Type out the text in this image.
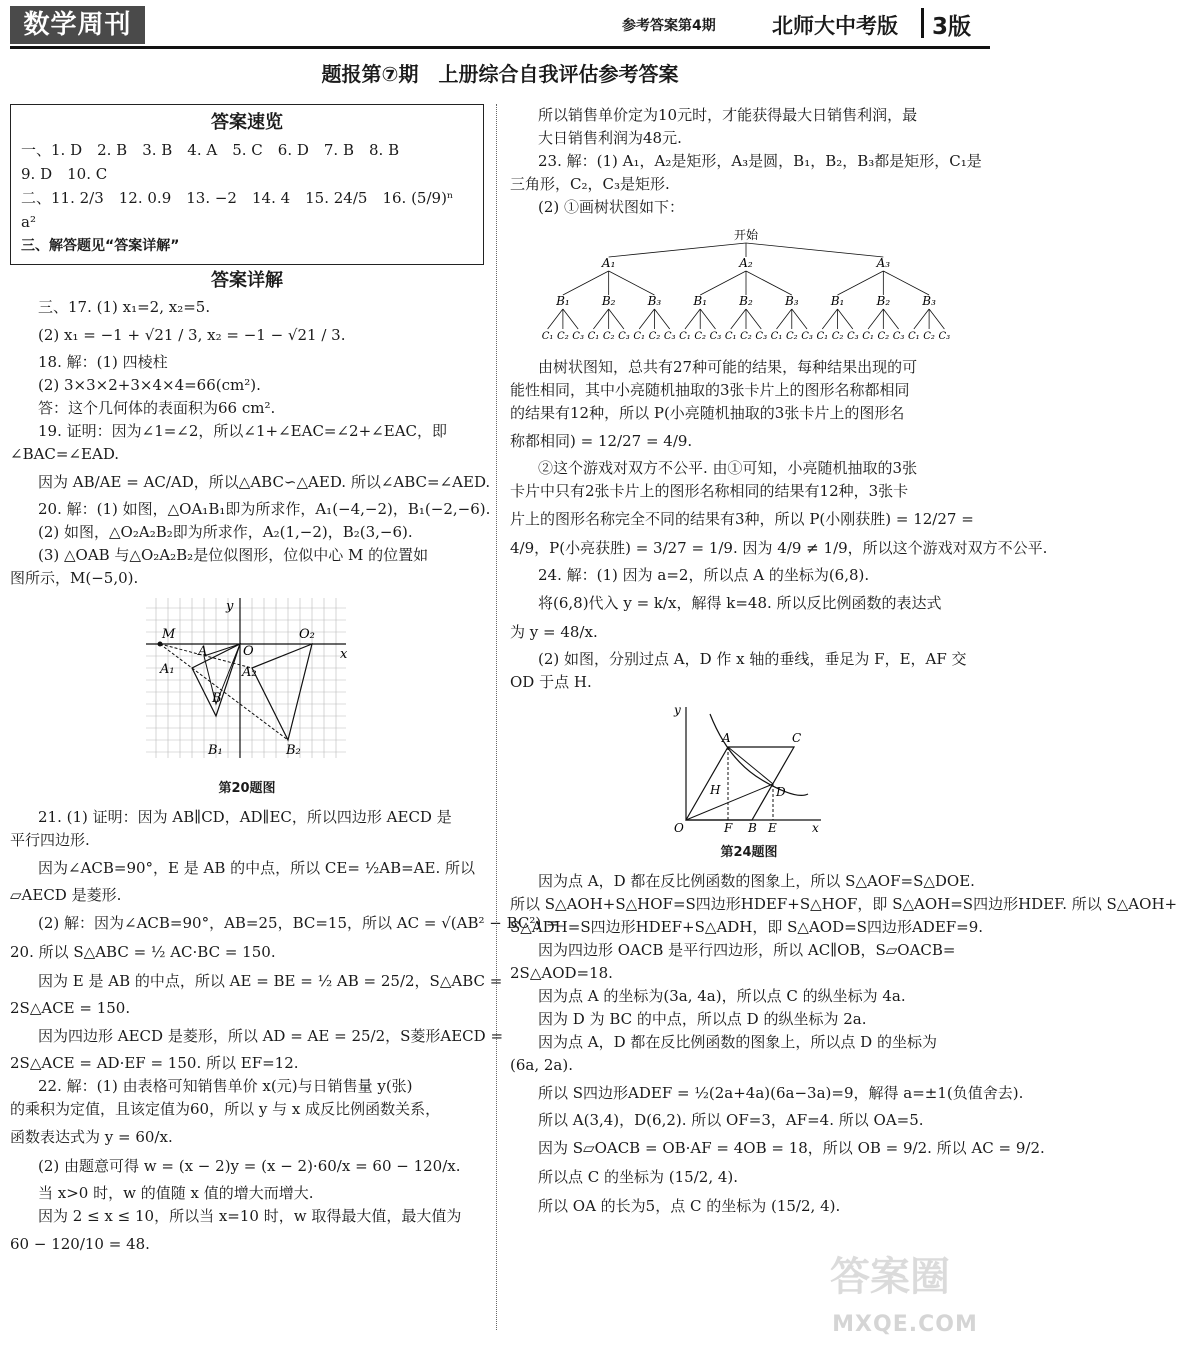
数学周刊	参考答案第4期	北师大中考版 3版
题报第⑦期　上册综合自我评估参考答案
答案速览
一、1. D　2. B　3. B　4. A　5. C　6. D　7. B　8. B
9. D　10. C
二、11. 2/3　12. 0.9　13. −2　14. 4　15. 24/5　16. (5/9)ⁿ a²
三、解答题见“答案详解”
答案详解
三、17. (1) x₁=2, x₂=5.
(2) x₁ = −1 + √21 / 3, x₂ = −1 − √21 / 3.
18. 解：(1) 四棱柱
(2) 3×3×2+3×4×4=66(cm²).
答：这个几何体的表面积为66 cm².
19. 证明：因为∠1=∠2，所以∠1+∠EAC=∠2+∠EAC，即
∠BAC=∠EAD.
因为 AB/AE = AC/AD，所以△ABC∽△AED. 所以∠ABC=∠AED.
20. 解：(1) 如图，△OA₁B₁即为所求作，A₁(−4,−2)，B₁(−2,−6).
(2) 如图，△O₂A₂B₂即为所求作，A₂(1,−2)，B₂(3,−6).
(3) △OAB 与△O₂A₂B₂是位似图形，位似中心 M 的位置如
图所示，M(−5,0).
M
A	O
O₂
A₁	A₂
B
B₁	B₂
x
y
第20题图
21. (1) 证明：因为 AB∥CD，AD∥EC，所以四边形 AECD 是
平行四边形.
因为∠ACB=90°，E 是 AB 的中点，所以 CE= ½AB=AE. 所以
▱AECD 是菱形.
(2) 解：因为∠ACB=90°，AB=25，BC=15，所以 AC = √(AB² − BC²) =
20. 所以 S△ABC = ½ AC·BC = 150.
因为 E 是 AB 的中点，所以 AE = BE = ½ AB = 25/2，S△ABC =
2S△ACE = 150.
因为四边形 AECD 是菱形，所以 AD = AE = 25/2，S菱形AECD =
2S△ACE = AD·EF = 150. 所以 EF=12.
22. 解：(1) 由表格可知销售单价 x(元)与日销售量 y(张)
的乘积为定值，且该定值为60，所以 y 与 x 成反比例函数关系，
函数表达式为 y = 60/x.
(2) 由题意可得 w = (x − 2)y = (x − 2)·60/x = 60 − 120/x.
当 x>0 时，w 的值随 x 值的增大而增大.
因为 2 ≤ x ≤ 10，所以当 x=10 时，w 取得最大值，最大值为
60 − 120/10 = 48.
所以销售单价定为10元时，才能获得最大日销售利润，最
大日销售利润为48元.
23. 解：(1) A₁，A₂是矩形，A₃是圆，B₁，B₂，B₃都是矩形，C₁是
三角形，C₂，C₃是矩形.
(2) ①画树状图如下：
开始
A₁
B₁
C₁ C₂ C₃
B₂
C₁ C₂ C₃
B₃
C₁ C₂ C₃
A₂
B₁
C₁ C₂ C₃
B₂
C₁ C₂ C₃
B₃
C₁ C₂ C₃
A₃
B₁
C₁ C₂ C₃
B₂
C₁ C₂ C₃
B₃
C₁ C₂ C₃
由树状图知，总共有27种可能的结果，每种结果出现的可
能性相同，其中小亮随机抽取的3张卡片上的图形名称都相同
的结果有12种，所以 P(小亮随机抽取的3张卡片上的图形名
称都相同) = 12/27 = 4/9.
②这个游戏对双方不公平. 由①可知，小亮随机抽取的3张
卡片中只有2张卡片上的图形名称相同的结果有12种，3张卡
片上的图形名称完全不同的结果有3种，所以 P(小刚获胜) = 12/27 =
4/9，P(小亮获胜) = 3/27 = 1/9. 因为 4/9 ≠ 1/9，所以这个游戏对双方不公平.
24. 解：(1) 因为 a=2，所以点 A 的坐标为(6,8).
将(6,8)代入 y = k/x，解得 k=48. 所以反比例函数的表达式
为 y = 48/x.
(2) 如图，分别过点 A，D 作 x 轴的垂线，垂足为 F，E，AF 交
OD 于点 H.
y
A	C
H	D
O	F B E	x
第24题图
因为点 A，D 都在反比例函数的图象上，所以 S△AOF=S△DOE.
所以 S△AOH+S△HOF=S四边形HDEF+S△HOF，即 S△AOH=S四边形HDEF. 所以 S△AOH+
S△ADH=S四边形HDEF+S△ADH，即 S△AOD=S四边形ADEF=9.
因为四边形 OACB 是平行四边形，所以 AC∥OB，S▱OACB=
2S△AOD=18.
因为点 A 的坐标为(3a, 4a)，所以点 C 的纵坐标为 4a.
因为 D 为 BC 的中点，所以点 D 的纵坐标为 2a.
因为点 A，D 都在反比例函数的图象上，所以点 D 的坐标为
(6a, 2a).
所以 S四边形ADEF = ½(2a+4a)(6a−3a)=9，解得 a=±1(负值舍去).
所以 A(3,4)，D(6,2). 所以 OF=3，AF=4. 所以 OA=5.
因为 S▱OACB = OB·AF = 4OB = 18，所以 OB = 9/2. 所以 AC = 9/2.
所以点 C 的坐标为 (15/2, 4).
所以 OA 的长为5，点 C 的坐标为 (15/2, 4).
答案圈
MXQE.COM
